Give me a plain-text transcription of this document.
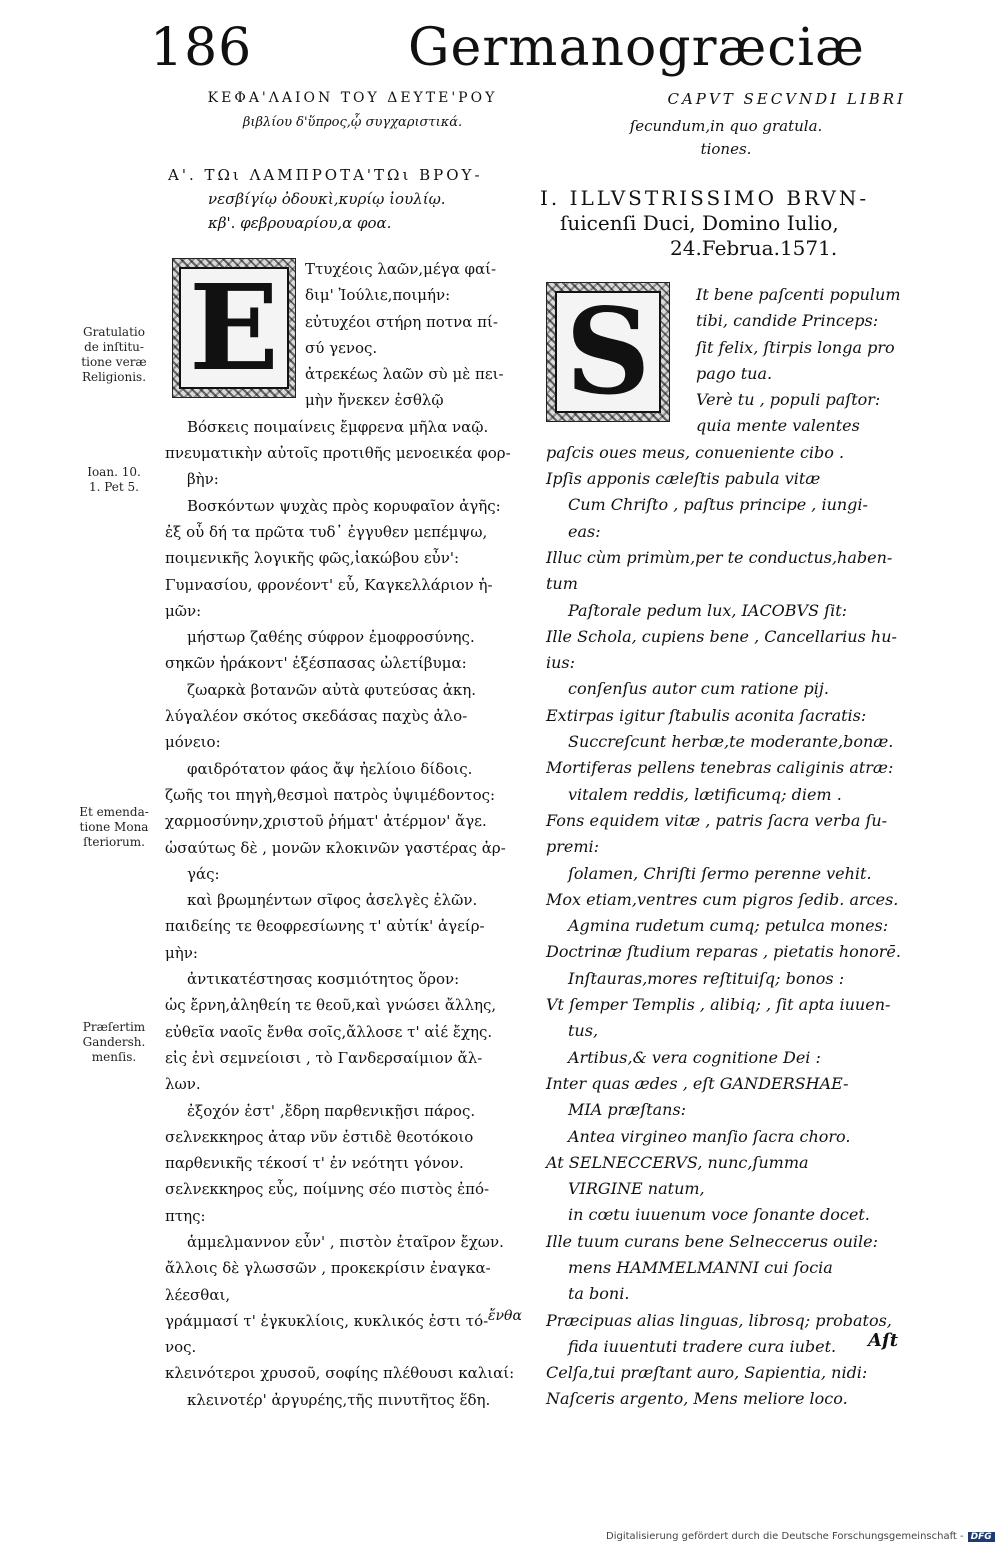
186	Germanogræciæ
ΚΕΦΑ'ΛΑΙΟΝ ΤΟΥ ΔΕΥΤΕ'ΡΟΥ
βιβλίου δ'ὕπρος,ᾧ συγχαριστικά.
CAPVT SECVNDI LIBRI
ſecundum,in quo gratula.
tiones.
Α'. ΤΩι ΛΑΜΠΡΟΤΑ'ΤΩι ΒΡΟΥ-
νεσβίγίῳ ὀδουκὶ,κυρίῳ ἰουλίῳ.
κβ'. φεβρουαρίου,α φοα.
I. ILLVSTRISSIMO BRVN-
ſuicenſi Duci, Domino Iulio,
24.Februa.1571.
E S
Ττυχέοις λαῶν,μέγα φαί-
διμ' Ἰούλιε,ποιμήν:
εὐτυχέοι στήρη ποτνα πί-
σύ γενος.
ἀτρεκέως λαῶν σὺ μὲ πει-
μὴν ἤνεκεν ἐσθλῷ
Βόσκεις ποιμαίνεις ἔμφρενα μῆλα ναῷ.
πνευματικὴν αὐτοῖς προτιθῆς μενοεικέα φορ-
βὴν:
Βοσκόντων ψυχὰς πρὸς κορυφαῖον ἀγῆς:
ἐξ οὗ δή τα πρῶτα τυδ᾿ ἐγγυθεν μεπέμψω,
ποιμενικῆς λογικῆς φῶς,ἰακώβου εὖν':
Γυμνασίου, φρονέοντ' εὖ, Καγκελλάριον ἡ-
μῶν:
μήστωρ ζαθέης σύφρον ἐμοφροσύνης.
σηκῶν ἡράκοντ' ἐξέσπασας ὠλετίβυμα:
ζωαρκὰ βοτανῶν αὐτὰ φυτεύσας ἀκη.
λύγαλέον σκότος σκεδάσας παχὺς ἀλο-
μόνειο:
φαιδρότατον φάος ἄψ ἠελίοιο δίδοις.
ζωῆς τοι πηγὴ,θεσμοὶ πατρὸς ὑψιμέδοντος:
χαρμοσύνην,χριστοῦ ῥήματ' ἀτέρμον' ἄγε.
ὡσαύτως δὲ , μονῶν κλοκινῶν γαστέρας ἀρ-
γάς:
καὶ βρωμηέντων σῖφος ἀσελγὲς ἑλῶν.
παιδείης τε θεοφρεσίωνης τ' αὐτίκ' ἀγείρ-
μὴν:
ἀντικατέστησας κοσμιότητος ὅρον:
ὡς ἔρνη,ἀληθείη τε θεοῦ,καὶ γνώσει ἄλλης,
εὐθεῖα ναοῖς ἔνθα σοῖς,ἄλλοσε τ' αἰέ ἔχης.
εἰς ἐνὶ σεμνείοισι , τὸ Γανδερσαίμιον ἄλ-
λων.
ἐξοχόν ἐστ' ,ἔδρη παρθενικῇσι πάρος.
σελνεκκηρος ἀταρ νῦν ἐστιδὲ θεοτόκοιο
παρθενικῆς τέκοσί τ' ἐν νεότητι γόνον.
σελνεκκηρος εὖς, ποίμνης σέο πιστὸς ἐπό-
πτης:
ἁμμελμαννον εὖν' , πιστὸν ἑταῖρον ἔχων.
ἄλλοις δὲ γλωσσῶν , προκεκρίσιν ἐναγκα-
λέεσθαι,
γράμμασί τ' ἐγκυκλίοις, κυκλικός ἐστι τό-
νος.
κλεινότεροι χρυσοῦ, σοφίης πλέθουσι καλιαί:
κλεινοτέρ' ἀργυρέης,τῆς πινυτῆτος ἕδη.
It bene paſcenti populum
tibi, candide Princeps:
ſit felix, ſtirpis longa pro
pago tua.
Verè tu , populi paſtor:
quia mente valentes
paſcis oues meus, conueniente cibo .
Ipſis apponis cæleſtis pabula vitæ
Cum Chriſto , paſtus principe , iungi-
eas:
Illuc cùm primùm,per te conductus,haben-
tum
Paſtorale pedum lux, IACOBVS ſit:
Ille Schola, cupiens bene , Cancellarius hu-
ius:
conſenſus autor cum ratione pij.
Extirpas igitur ſtabulis aconita ſacratis:
Succreſcunt herbæ,te moderante,bonæ.
Mortiferas pellens tenebras caliginis atræ:
vitalem reddis, lætificumq; diem .
Fons equidem vitæ , patris ſacra verba ſu-
premi:
ſolamen, Chriſti ſermo perenne vehit.
Mox etiam,ventres cum pigros ſedib. arces.
Agmina rudetum cumq; petulca mones:
Doctrinæ ſtudium reparas , pietatis honorē.
Inſtauras,mores reſtituiſq; bonos :
Vt ſemper Templis , alibiq; , ſit apta iuuen-
tus,
Artibus,& vera cognitione Dei :
Inter quas ædes , eſt GANDERSHAE-
MIA præſtans:
Antea virgineo manſio ſacra choro.
At SELNECCERVS, nunc,ſumma
VIRGINE natum,
in cœtu iuuenum voce ſonante docet.
Ille tuum curans bene Selneccerus ouile:
mens HAMMELMANNI cui ſocia
ta boni.
Præcipuas alias linguas, librosq; probatos,
fida iuuentuti tradere cura iubet.
Celſa,tui præſtant auro, Sapientia, nidi:
Naſceris argento, Mens meliore loco.
Gratulatio
de inſtitu-
tione veræ
Religionis.
Ioan. 10.
1. Pet 5.
Et emenda-
tione Mona
ſteriorum.
Præſertim
Gandersh.
menſis.
ἔνθα
Aſt
Digitalisierung gefördert durch die Deutsche Forschungsgemeinschaft - DFG
